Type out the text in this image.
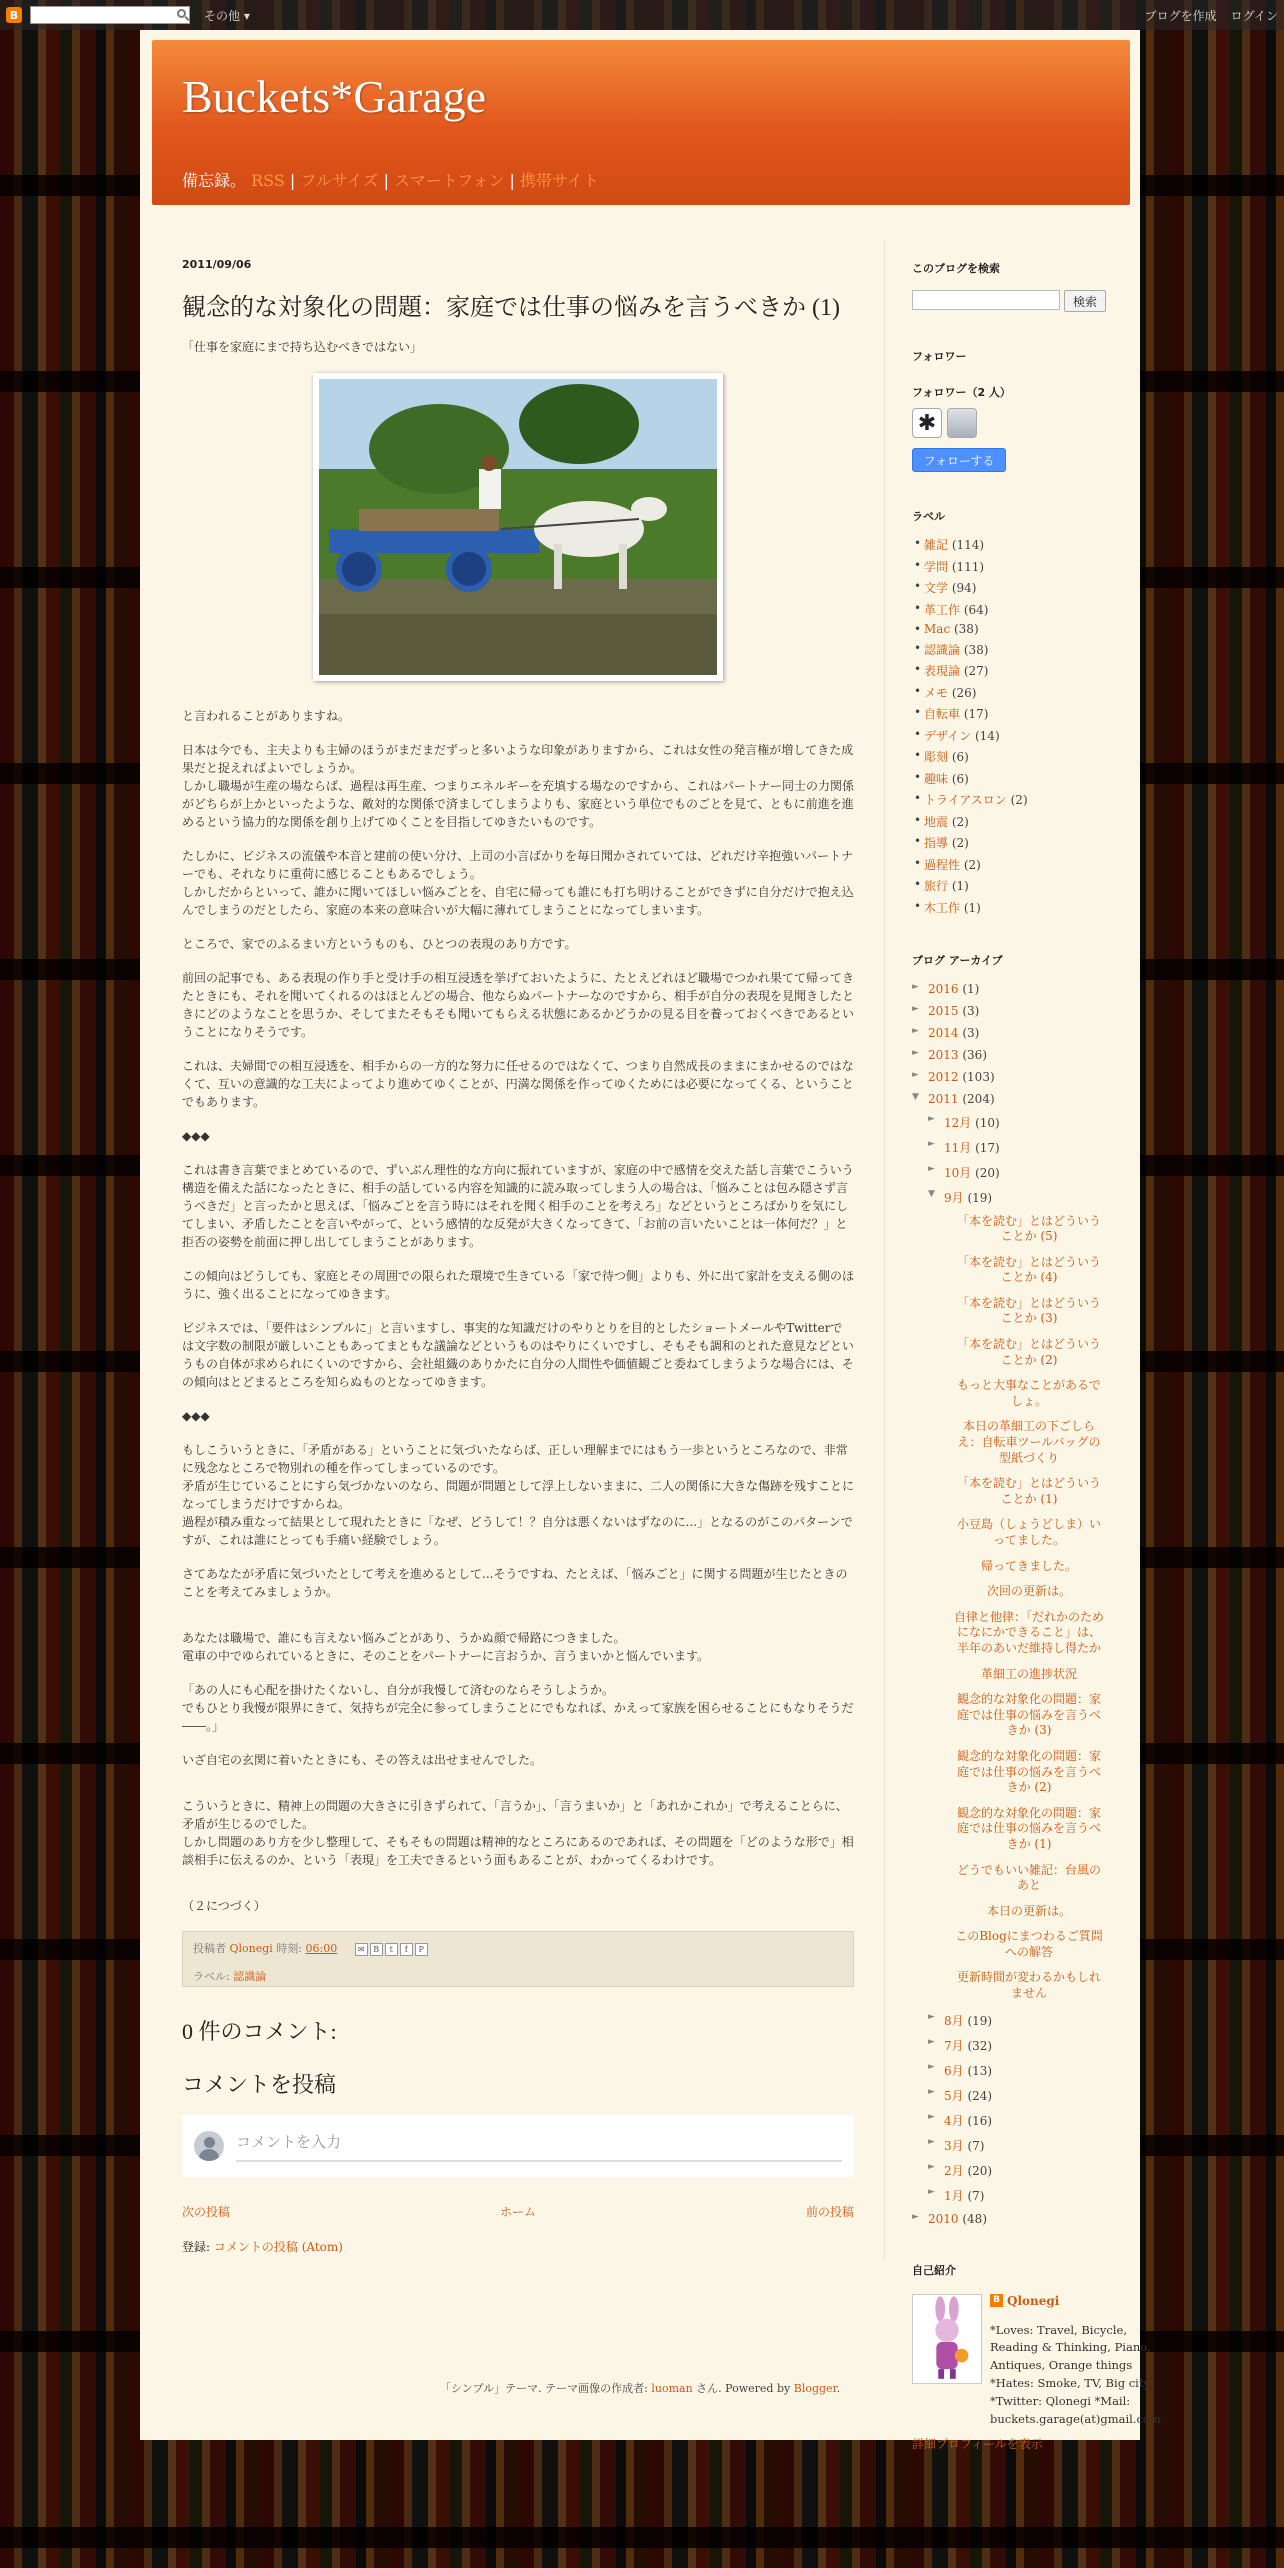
B	その他 ▾	ブログを作成 ログイン
Buckets*Garage
備忘録。 RSS | フルサイズ | スマートフォン | 携帯サイト
2011/09/06
観念的な対象化の問題：家庭では仕事の悩みを言うべきか (1)
「仕事を家庭にまで持ち込むべきではない」

と言われることがありますね。

日本は今でも、主夫よりも主婦のほうがまだまだずっと多いような印象がありますから、これは女性の発言権が増してきた成果だと捉えればよいでしょうか。
しかし職場が生産の場ならば、過程は再生産、つまりエネルギーを充填する場なのですから、これはパートナー同士の力関係がどちらが上かといったような、敵対的な関係で済ましてしまうよりも、家庭という単位でものごとを見て、ともに前進を進めるという協力的な関係を創り上げてゆくことを目指してゆきたいものです。

たしかに、ビジネスの流儀や本音と建前の使い分け、上司の小言ばかりを毎日聞かされていては、どれだけ辛抱強いパートナーでも、それなりに重荷に感じることもあるでしょう。
しかしだからといって、誰かに聞いてほしい悩みごとを、自宅に帰っても誰にも打ち明けることができずに自分だけで抱え込んでしまうのだとしたら、家庭の本来の意味合いが大幅に薄れてしまうことになってしまいます。

ところで、家でのふるまい方というものも、ひとつの表現のあり方です。

前回の記事でも、ある表現の作り手と受け手の相互浸透を挙げておいたように、たとえどれほど職場でつかれ果てて帰ってきたときにも、それを聞いてくれるのはほとんどの場合、他ならぬパートナーなのですから、相手が自分の表現を見聞きしたときにどのようなことを思うか、そしてまたそもそも聞いてもらえる状態にあるかどうかの見る目を養っておくべきであるということになりそうです。

これは、夫婦間での相互浸透を、相手からの一方的な努力に任せるのではなくて、つまり自然成長のままにまかせるのではなくて、互いの意識的な工夫によってより進めてゆくことが、円満な関係を作ってゆくためには必要になってくる、ということでもあります。

◆◆◆

これは書き言葉でまとめているので、ずいぶん理性的な方向に振れていますが、家庭の中で感情を交えた話し言葉でこういう構造を備えた話になったときに、相手の話している内容を知識的に読み取ってしまう人の場合は、「悩みことは包み隠さず言うべきだ」と言ったかと思えば、「悩みごとを言う時にはそれを聞く相手のことを考えろ」などというところばかりを気にしてしまい、矛盾したことを言いやがって、という感情的な反発が大きくなってきて、「お前の言いたいことは一体何だ？」と拒否の姿勢を前面に押し出してしまうことがあります。

この傾向はどうしても、家庭とその周囲での限られた環境で生きている「家で待つ側」よりも、外に出て家計を支える側のほうに、強く出ることになってゆきます。

ビジネスでは、「要件はシンプルに」と言いますし、事実的な知識だけのやりとりを目的としたショートメールやTwitterでは文字数の制限が厳しいこともあってまともな議論などというものはやりにくいですし、そもそも調和のとれた意見などというもの自体が求められにくいのですから、会社組織のありかたに自分の人間性や価値観ごと委ねてしまうような場合には、その傾向はとどまるところを知らぬものとなってゆきます。

◆◆◆

もしこういうときに、「矛盾がある」ということに気づいたならば、正しい理解までにはもう一歩というところなので、非常に残念なところで物別れの種を作ってしまっているのです。
矛盾が生じていることにすら気づかないのなら、問題が問題として浮上しないままに、二人の関係に大きな傷跡を残すことになってしまうだけですからね。
過程が積み重なって結果として現れたときに「なぜ、どうして！？自分は悪くないはずなのに...」となるのがこのパターンですが、これは誰にとっても手痛い経験でしょう。

さてあなたが矛盾に気づいたとして考えを進めるとして...そうですね、たとえば、「悩みごと」に関する問題が生じたときのことを考えてみましょうか。

あなたは職場で、誰にも言えない悩みごとがあり、うかぬ顔で帰路につきました。
電車の中でゆられているときに、そのことをパートナーに言おうか、言うまいかと悩んでいます。

「あの人にも心配を掛けたくないし、自分が我慢して済むのならそうしようか。
でもひとり我慢が限界にきて、気持ちが完全に参ってしまうことにでもなれば、かえって家族を困らせることにもなりそうだ――。」

いざ自宅の玄関に着いたときにも、その答えは出せませんでした。

こういうときに、精神上の問題の大きさに引きずられて、「言うか」、「言うまいか」と「あれかこれか」で考えることらに、矛盾が生じるのでした。
しかし問題のあり方を少し整理して、そもそもの問題は精神的なところにあるのであれば、その問題を「どのような形で」相談相手に伝えるのか、という「表現」を工夫できるという面もあることが、わかってくるわけです。

（２につづく）

投稿者 Qlonegi 時刻: 06:00	✉	B	t	f	P
ラベル: 認識論
0 件のコメント:
コメントを投稿
コメントを入力
次の投稿	ホーム	前の投稿
登録: コメントの投稿 (Atom)
このブログを検索
検索
フォロワー
フォロワー（2 人）
✱
フォローする
ラベル
• 雑記 (114)
• 学問 (111)
• 文学 (94)
• 革工作 (64)
• Mac (38)
• 認識論 (38)
• 表現論 (27)
• メモ (26)
• 自転車 (17)
• デザイン (14)
• 彫刻 (6)
• 趣味 (6)
• トライアスロン (2)
• 地震 (2)
• 指導 (2)
• 過程性 (2)
• 旅行 (1)
• 木工作 (1)
ブログ アーカイブ
► 2016 (1)
► 2015 (3)
► 2014 (3)
► 2013 (36)
► 2012 (103)
▼ 2011 (204)
► 12月 (10)
► 11月 (17)
► 10月 (20)
▼ 9月 (19)
「本を読む」とはどういうことか (5)
「本を読む」とはどういうことか (4)
「本を読む」とはどういうことか (3)
「本を読む」とはどういうことか (2)
もっと大事なことがあるでしょ。
本日の革細工の下ごしらえ：自転車ツールバッグの型紙づくり
「本を読む」とはどういうことか (1)
小豆島（しょうどしま）いってました。
帰ってきました。
次回の更新は。
自律と他律：「だれかのためになにかできること」は、半年のあいだ維持し得たか
革細工の進捗状況
観念的な対象化の問題：家庭では仕事の悩みを言うべきか (3)
観念的な対象化の問題：家庭では仕事の悩みを言うべきか (2)
観念的な対象化の問題：家庭では仕事の悩みを言うべきか (1)
どうでもいい雑記：台風のあと
本日の更新は。
このBlogにまつわるご質問への解答
更新時間が変わるかもしれません
► 8月 (19)
► 7月 (32)
► 6月 (13)
► 5月 (24)
► 4月 (16)
► 3月 (7)
► 2月 (20)
► 1月 (7)
► 2010 (48)
自己紹介
B Qlonegi
*Loves: Travel, Bicycle, Reading & Thinking, Piano, Antiques, Orange things *Hates: Smoke, TV, Big city *Twitter: Qlonegi *Mail: buckets.garage(at)gmail.com
詳細プロフィールを表示
「シンプル」テーマ. テーマ画像の作成者: luoman さん. Powered by Blogger.
